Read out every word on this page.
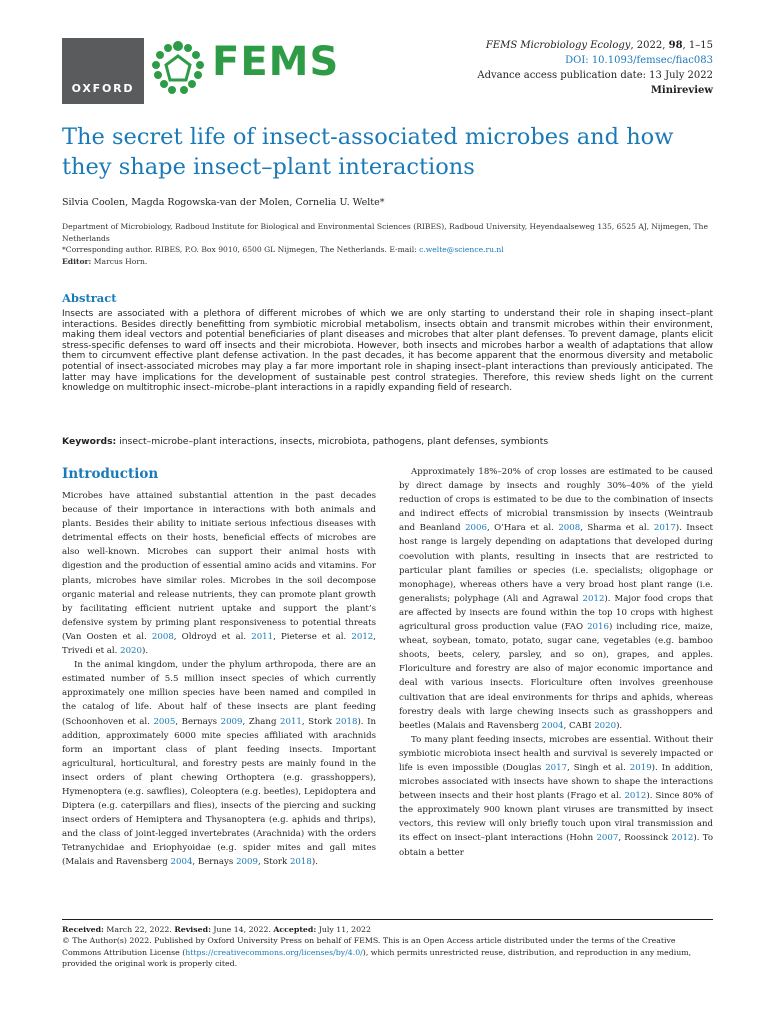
OXFORD
FEMS	FEMS Microbiology Ecology, 2022, 98, 1–15
DOI: 10.1093/femsec/fiac083
Advance access publication date: 13 July 2022
Minireview
The secret life of insect-associated microbes and how they shape insect–plant interactions
Silvia Coolen, Magda Rogowska-van der Molen, Cornelia U. Welte*
Department of Microbiology, Radboud Institute for Biological and Environmental Sciences (RIBES), Radboud University, Heyendaalseweg 135, 6525 AJ, Nijmegen, The Netherlands
*Corresponding author. RIBES, P.O. Box 9010, 6500 GL Nijmegen, The Netherlands. E-mail: c.welte@science.ru.nl
Editor: Marcus Horn.
Abstract
Insects are associated with a plethora of different microbes of which we are only starting to understand their role in shaping insect–plant interactions. Besides directly benefitting from symbiotic microbial metabolism, insects obtain and transmit microbes within their environment, making them ideal vectors and potential beneficiaries of plant diseases and microbes that alter plant defenses. To prevent damage, plants elicit stress-specific defenses to ward off insects and their microbiota. However, both insects and microbes harbor a wealth of adaptations that allow them to circumvent effective plant defense activation. In the past decades, it has become apparent that the enormous diversity and metabolic potential of insect-associated microbes may play a far more important role in shaping insect–plant interactions than previously anticipated. The latter may have implications for the development of sustainable pest control strategies. Therefore, this review sheds light on the current knowledge on multitrophic insect–microbe–plant interactions in a rapidly expanding field of research.
Keywords: insect–microbe–plant interactions, insects, microbiota, pathogens, plant defenses, symbionts
Introduction

Microbes have attained substantial attention in the past decades because of their importance in interactions with both animals and plants. Besides their ability to initiate serious infectious diseases with detrimental effects on their hosts, beneficial effects of microbes are also well-known. Microbes can support their animal hosts with digestion and the production of essential amino acids and vitamins. For plants, microbes have similar roles. Microbes in the soil decompose organic material and release nutrients, they can promote plant growth by facilitating efficient nutrient uptake and support the plant’s defensive system by priming plant responsiveness to potential threats (Van Oosten et al. 2008, Oldroyd et al. 2011, Pieterse et al. 2012, Trivedi et al. 2020).

In the animal kingdom, under the phylum arthropoda, there are an estimated number of 5.5 million insect species of which currently approximately one million species have been named and compiled in the catalog of life. About half of these insects are plant feeding (Schoonhoven et al. 2005, Bernays 2009, Zhang 2011, Stork 2018). In addition, approximately 6000 mite species affiliated with arachnids form an important class of plant feeding insects. Important agricultural, horticultural, and forestry pests are mainly found in the insect orders of plant chewing Orthoptera (e.g. grasshoppers), Hymenoptera (e.g. sawflies), Coleoptera (e.g. beetles), Lepidoptera and Diptera (e.g. caterpillars and flies), insects of the piercing and sucking insect orders of Hemiptera and Thysanoptera (e.g. aphids and thrips), and the class of joint-legged invertebrates (Arachnida) with the orders Tetranychidae and Eriophyoidae (e.g. spider mites and gall mites (Malais and Ravensberg 2004, Bernays 2009, Stork 2018).

Approximately 18%–20% of crop losses are estimated to be caused by direct damage by insects and roughly 30%–40% of the yield reduction of crops is estimated to be due to the combination of insects and indirect effects of microbial transmission by insects (Weintraub and Beanland 2006, O’Hara et al. 2008, Sharma et al. 2017). Insect host range is largely depending on adaptations that developed during coevolution with plants, resulting in insects that are restricted to particular plant families or species (i.e. specialists; oligophage or monophage), whereas others have a very broad host plant range (i.e. generalists; polyphage (Ali and Agrawal 2012). Major food crops that are affected by insects are found within the top 10 crops with highest agricultural gross production value (FAO 2016) including rice, maize, wheat, soybean, tomato, potato, sugar cane, vegetables (e.g. bamboo shoots, beets, celery, parsley, and so on), grapes, and apples. Floriculture and forestry are also of major economic importance and deal with various insects. Floriculture often involves greenhouse cultivation that are ideal environments for thrips and aphids, whereas forestry deals with large chewing insects such as grasshoppers and beetles (Malais and Ravensberg 2004, CABI 2020).

To many plant feeding insects, microbes are essential. Without their symbiotic microbiota insect health and survival is severely impacted or life is even impossible (Douglas 2017, Singh et al. 2019). In addition, microbes associated with insects have shown to shape the interactions between insects and their host plants (Frago et al. 2012). Since 80% of the approximately 900 known plant viruses are transmitted by insect vectors, this review will only briefly touch upon viral transmission and its effect on insect–plant interactions (Hohn 2007, Roossinck 2012). To obtain a better

Received: March 22, 2022. Revised: June 14, 2022. Accepted: July 11, 2022
© The Author(s) 2022. Published by Oxford University Press on behalf of FEMS. This is an Open Access article distributed under the terms of the Creative Commons Attribution License (https://creativecommons.org/licenses/by/4.0/), which permits unrestricted reuse, distribution, and reproduction in any medium, provided the original work is properly cited.
